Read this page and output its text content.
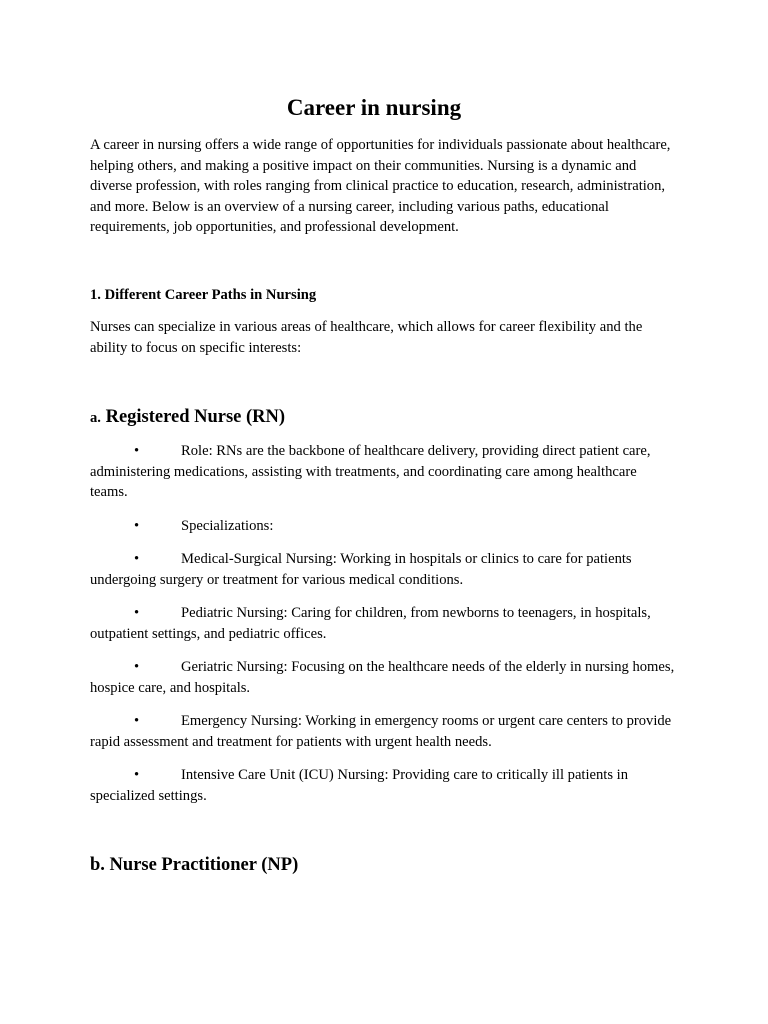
Career in nursing

A career in nursing offers a wide range of opportunities for individuals passionate about healthcare, helping others, and making a positive impact on their communities. Nursing is a dynamic and diverse profession, with roles ranging from clinical practice to education, research, administration, and more. Below is an overview of a nursing career, including various paths, educational requirements, job opportunities, and professional development.

1. Different Career Paths in Nursing

Nurses can specialize in various areas of healthcare, which allows for career flexibility and the ability to focus on specific interests:

a. Registered Nurse (RN)

•	Role: RNs are the backbone of healthcare delivery, providing direct patient care, administering medications, assisting with treatments, and coordinating care among healthcare teams.

•	Specializations:

•	Medical-Surgical Nursing: Working in hospitals or clinics to care for patients undergoing surgery or treatment for various medical conditions.

•	Pediatric Nursing: Caring for children, from newborns to teenagers, in hospitals, outpatient settings, and pediatric offices.

•	Geriatric Nursing: Focusing on the healthcare needs of the elderly in nursing homes, hospice care, and hospitals.

•	Emergency Nursing: Working in emergency rooms or urgent care centers to provide rapid assessment and treatment for patients with urgent health needs.

•	Intensive Care Unit (ICU) Nursing: Providing care to critically ill patients in specialized settings.

b. Nurse Practitioner (NP)
